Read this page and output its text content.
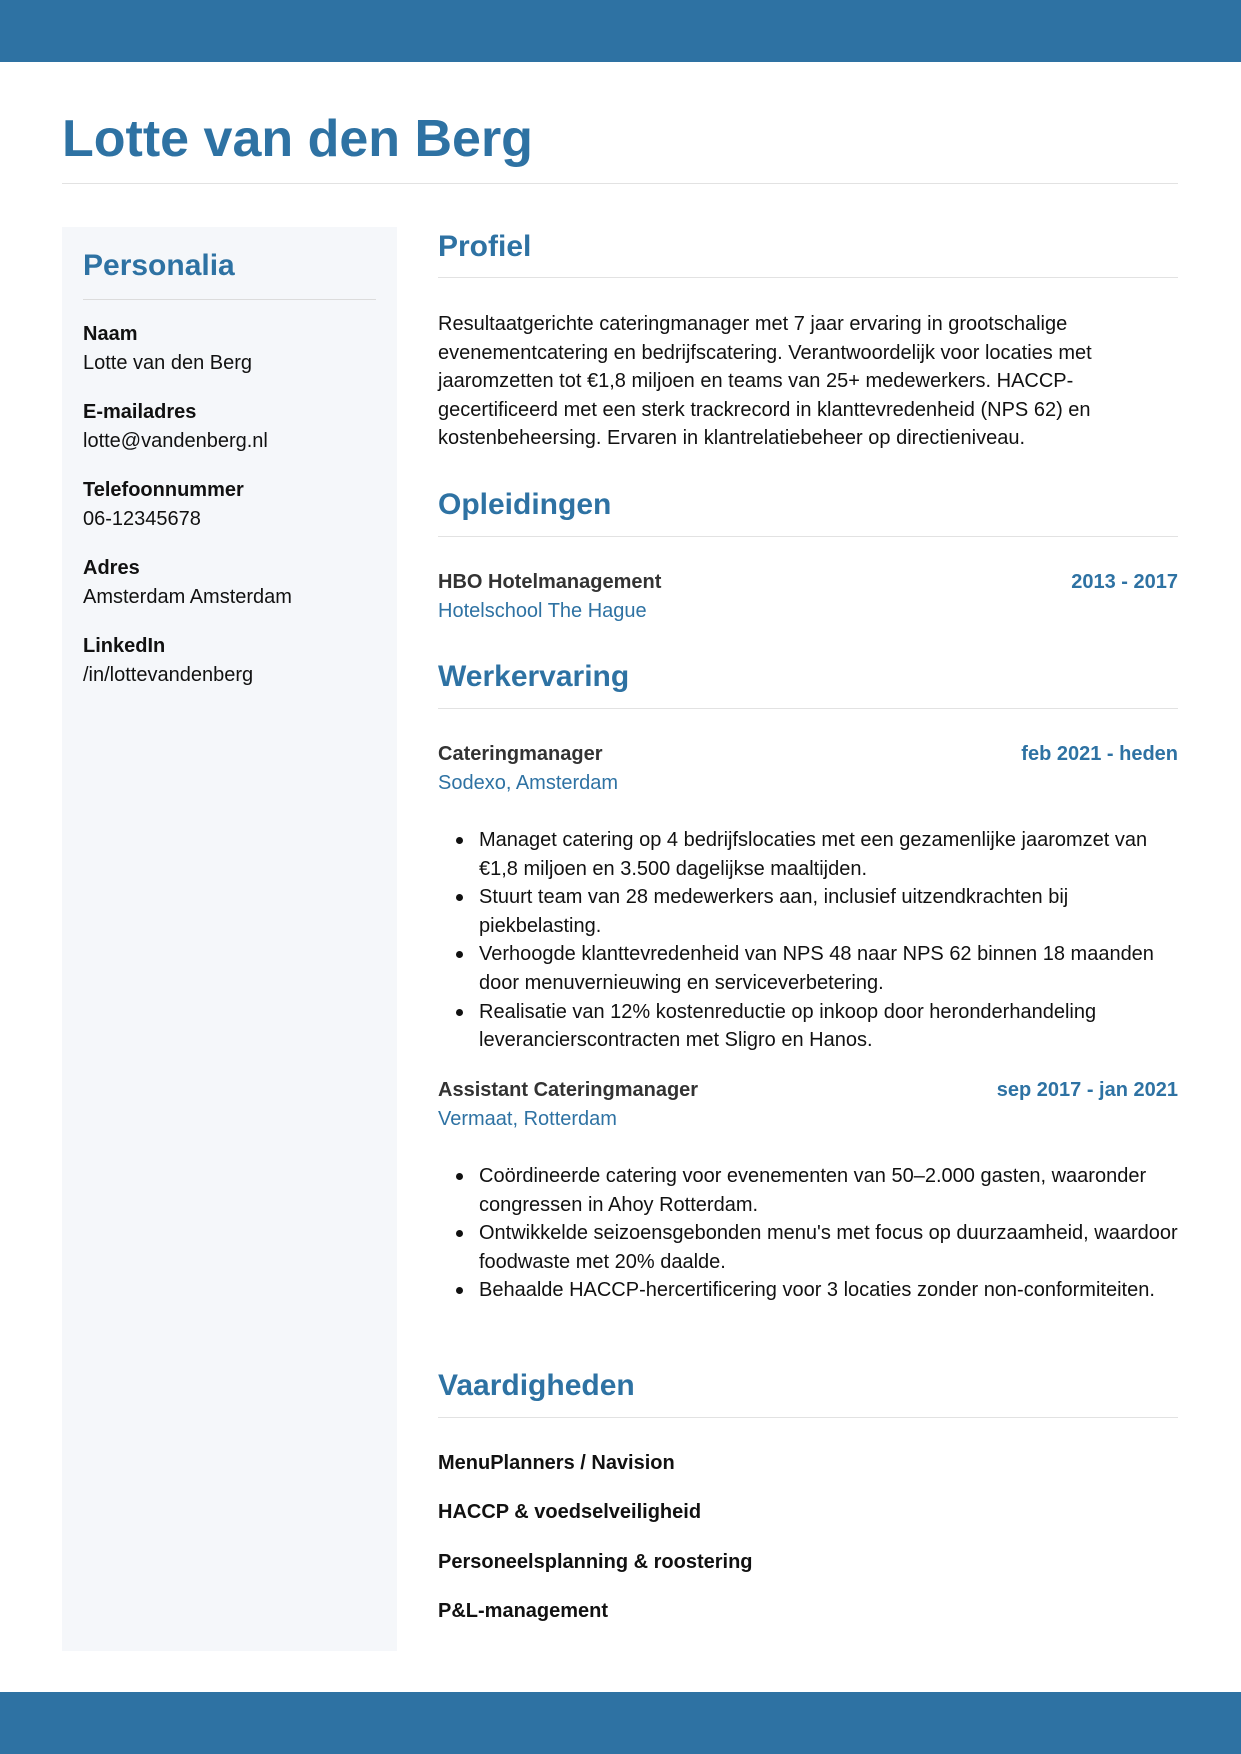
Lotte van den Berg
Personalia
Naam
Lotte van den Berg
E-mailadres
lotte@vandenberg.nl
Telefoonnummer
06-12345678
Adres
Amsterdam Amsterdam
LinkedIn
/in/lottevandenberg
Profiel

Resultaatgerichte cateringmanager met 7 jaar ervaring in grootschalige evenementcatering en bedrijfscatering. Verantwoordelijk voor locaties met jaaromzetten tot €1,8 miljoen en teams van 25+ medewerkers. HACCP-gecertificeerd met een sterk trackrecord in klanttevredenheid (NPS 62) en kostenbeheersing. Ervaren in klantrelatiebeheer op directieniveau.

Opleidingen
HBO Hotelmanagement	2013 - 2017
Hotelschool The Hague
Werkervaring
Cateringmanager	feb 2021 - heden
Sodexo, Amsterdam
Managet catering op 4 bedrijfslocaties met een gezamenlijke jaaromzet van €1,8 miljoen en 3.500 dagelijkse maaltijden.
Stuurt team van 28 medewerkers aan, inclusief uitzendkrachten bij piekbelasting.
Verhoogde klanttevredenheid van NPS 48 naar NPS 62 binnen 18 maanden door menuvernieuwing en serviceverbetering.
Realisatie van 12% kostenreductie op inkoop door heronderhandeling leverancierscontracten met Sligro en Hanos.
Assistant Cateringmanager	sep 2017 - jan 2021
Vermaat, Rotterdam
Coördineerde catering voor evenementen van 50–2.000 gasten, waaronder congressen in Ahoy Rotterdam.
Ontwikkelde seizoensgebonden menu's met focus op duurzaamheid, waardoor foodwaste met 20% daalde.
Behaalde HACCP-hercertificering voor 3 locaties zonder non-conformiteiten.
Vaardigheden
MenuPlanners / Navision
HACCP & voedselveiligheid
Personeelsplanning & roostering
P&L-management
